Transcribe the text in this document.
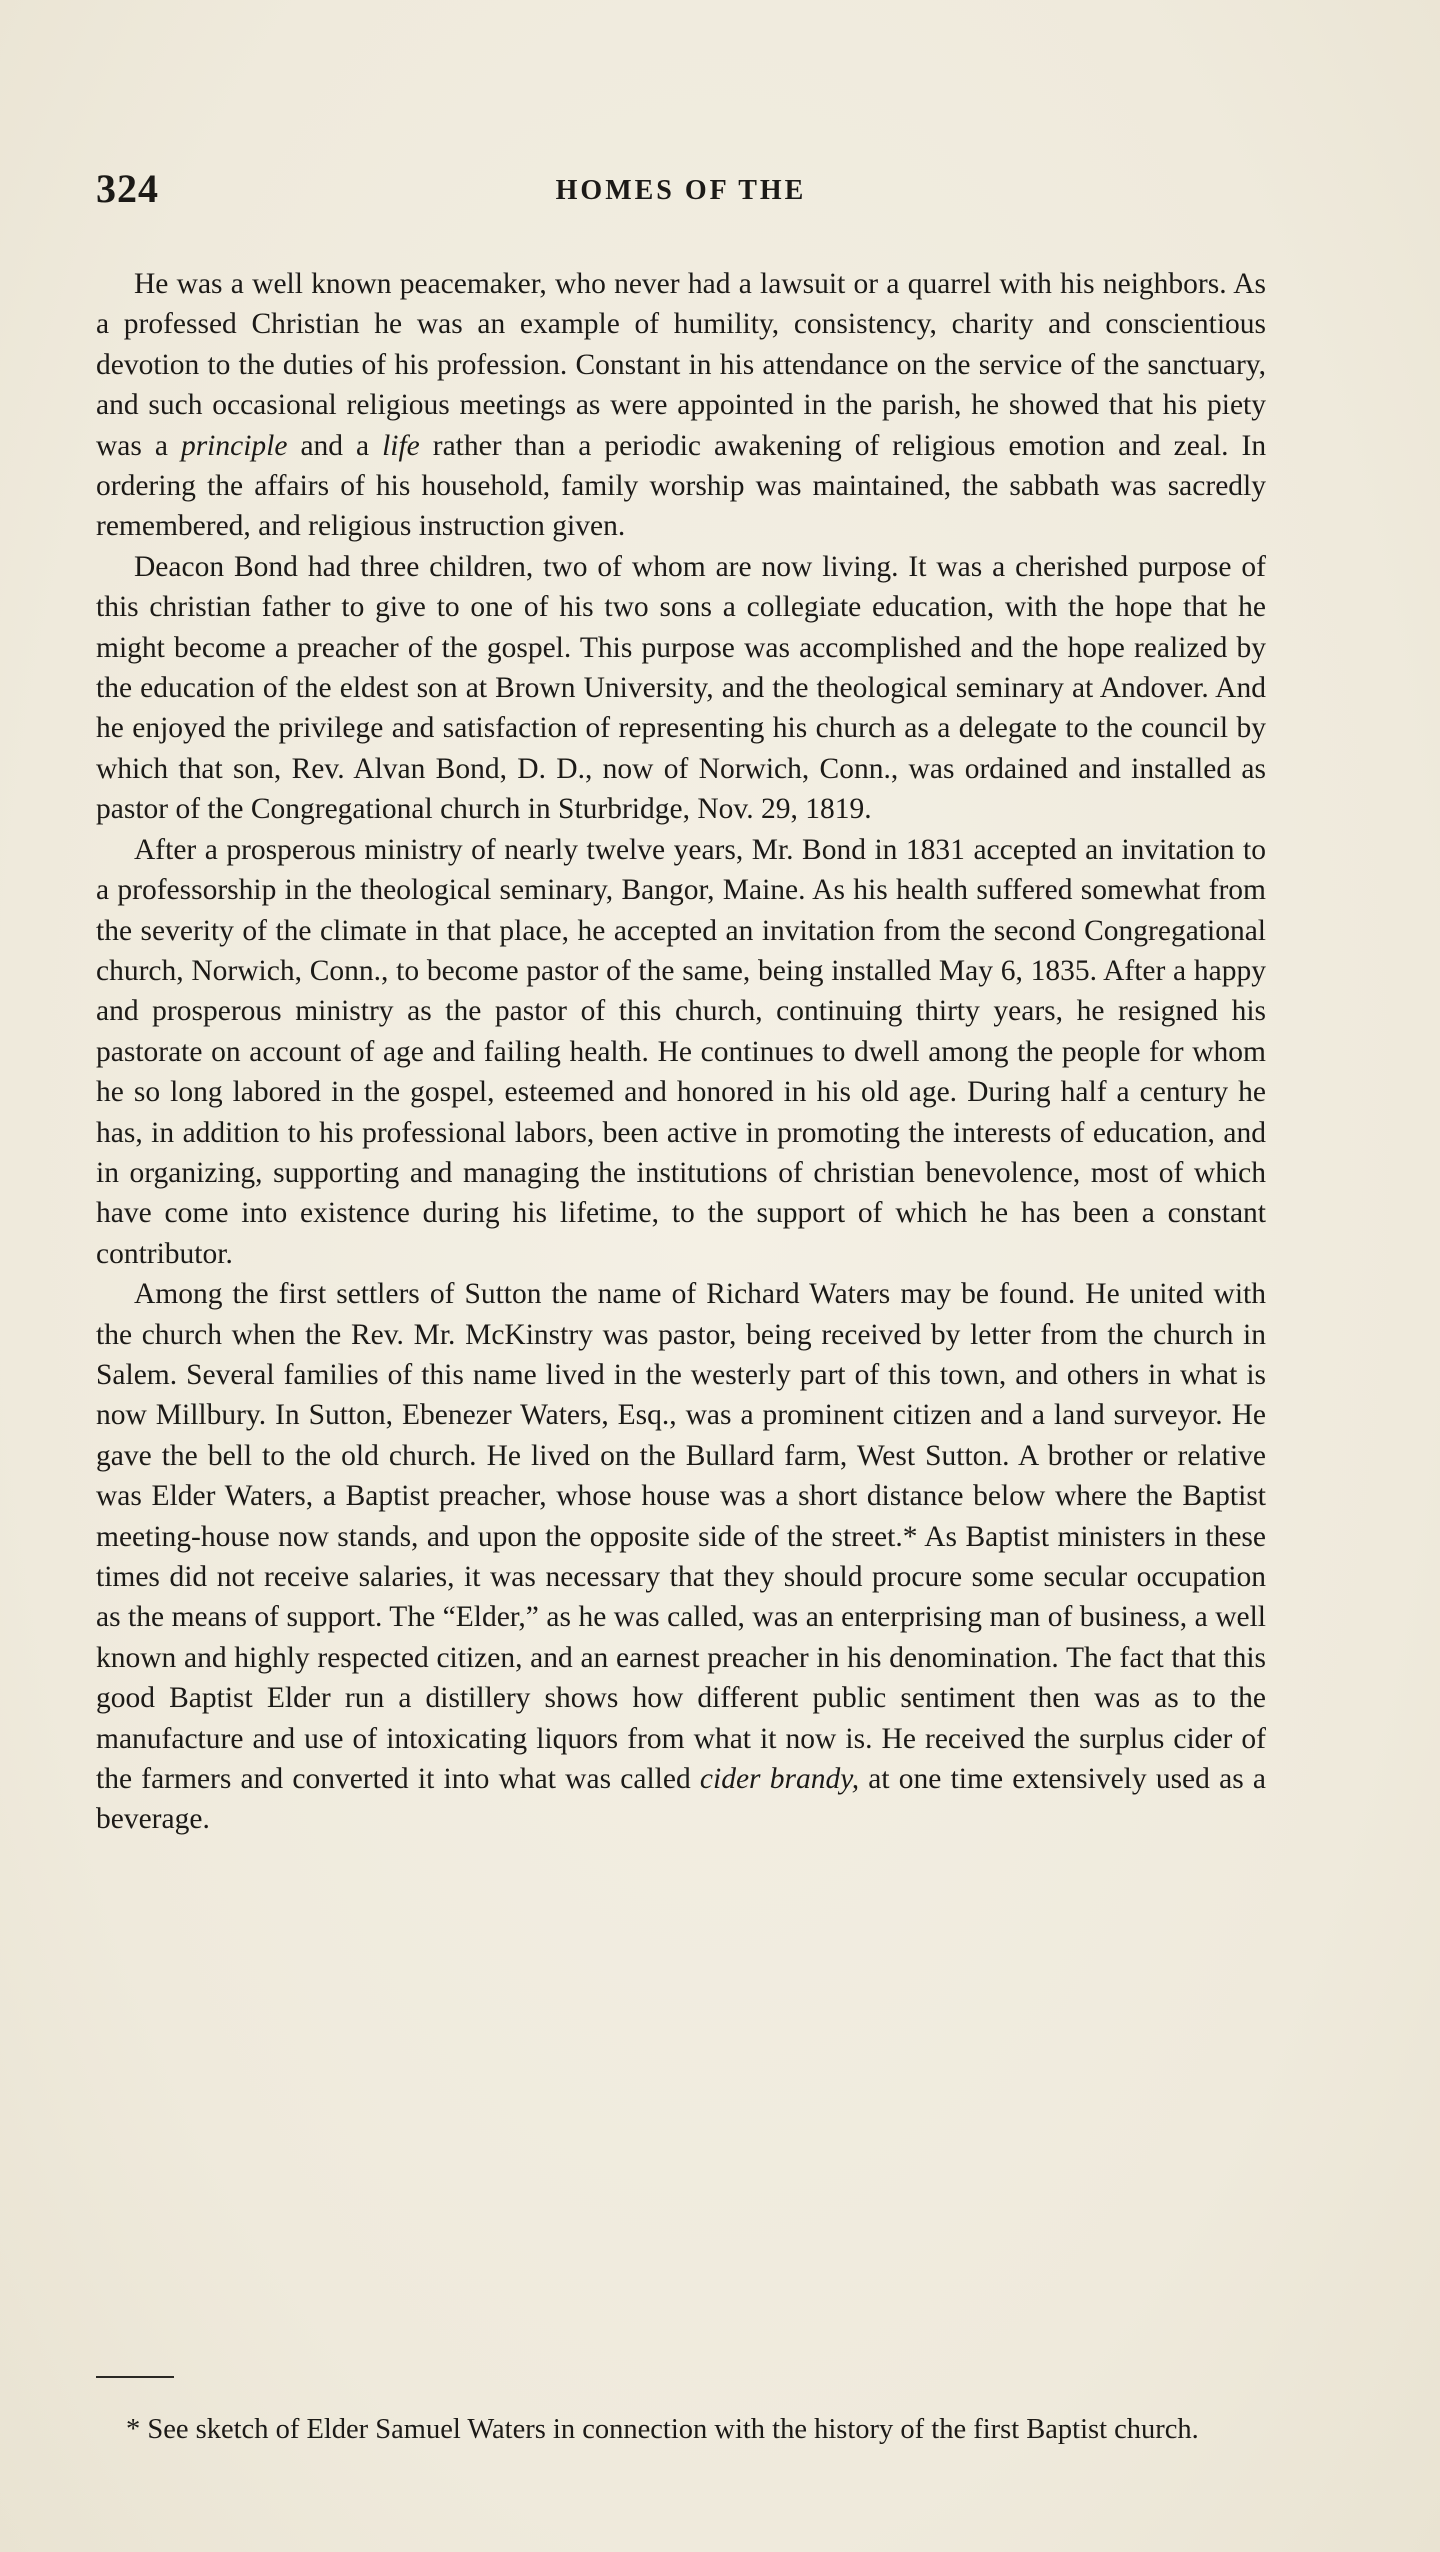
324	HOMES OF THE

He was a well known peacemaker, who never had a lawsuit or a quarrel with his neighbors. As a professed Christian he was an example of humility, consistency, charity and conscientious devotion to the duties of his profession. Constant in his attendance on the service of the sanctuary, and such occasional religious meetings as were appointed in the parish, he showed that his piety was a principle and a life rather than a periodic awakening of religious emotion and zeal. In ordering the affairs of his household, family worship was maintained, the sabbath was sacredly remembered, and religious instruction given.

Deacon Bond had three children, two of whom are now living. It was a cherished purpose of this christian father to give to one of his two sons a collegiate education, with the hope that he might become a preacher of the gospel. This purpose was accomplished and the hope realized by the education of the eldest son at Brown University, and the theological seminary at Andover. And he enjoyed the privilege and satisfaction of representing his church as a delegate to the council by which that son, Rev. Alvan Bond, D. D., now of Norwich, Conn., was ordained and installed as pastor of the Congregational church in Sturbridge, Nov. 29, 1819.

After a prosperous ministry of nearly twelve years, Mr. Bond in 1831 accepted an invitation to a professorship in the theological seminary, Bangor, Maine. As his health suffered somewhat from the severity of the climate in that place, he accepted an invitation from the second Congregational church, Norwich, Conn., to become pastor of the same, being installed May 6, 1835. After a happy and prosperous ministry as the pastor of this church, continuing thirty years, he resigned his pastorate on account of age and failing health. He continues to dwell among the people for whom he so long labored in the gospel, esteemed and honored in his old age. During half a century he has, in addition to his professional labors, been active in promoting the interests of education, and in organizing, supporting and managing the institutions of christian benevolence, most of which have come into existence during his lifetime, to the support of which he has been a constant contributor.

Among the first settlers of Sutton the name of Richard Waters may be found. He united with the church when the Rev. Mr. McKinstry was pastor, being received by letter from the church in Salem. Several families of this name lived in the westerly part of this town, and others in what is now Millbury. In Sutton, Ebenezer Waters, Esq., was a prominent citizen and a land surveyor. He gave the bell to the old church. He lived on the Bullard farm, West Sutton. A brother or relative was Elder Waters, a Baptist preacher, whose house was a short distance below where the Baptist meeting-house now stands, and upon the opposite side of the street.* As Baptist ministers in these times did not receive salaries, it was necessary that they should procure some secular occupation as the means of support. The “Elder,” as he was called, was an enterprising man of business, a well known and highly respected citizen, and an earnest preacher in his denomination. The fact that this good Baptist Elder run a distillery shows how different public sentiment then was as to the manufacture and use of intoxicating liquors from what it now is. He received the surplus cider of the farmers and converted it into what was called cider brandy, at one time extensively used as a beverage.

* See sketch of Elder Samuel Waters in connection with the history of the first Baptist church.
